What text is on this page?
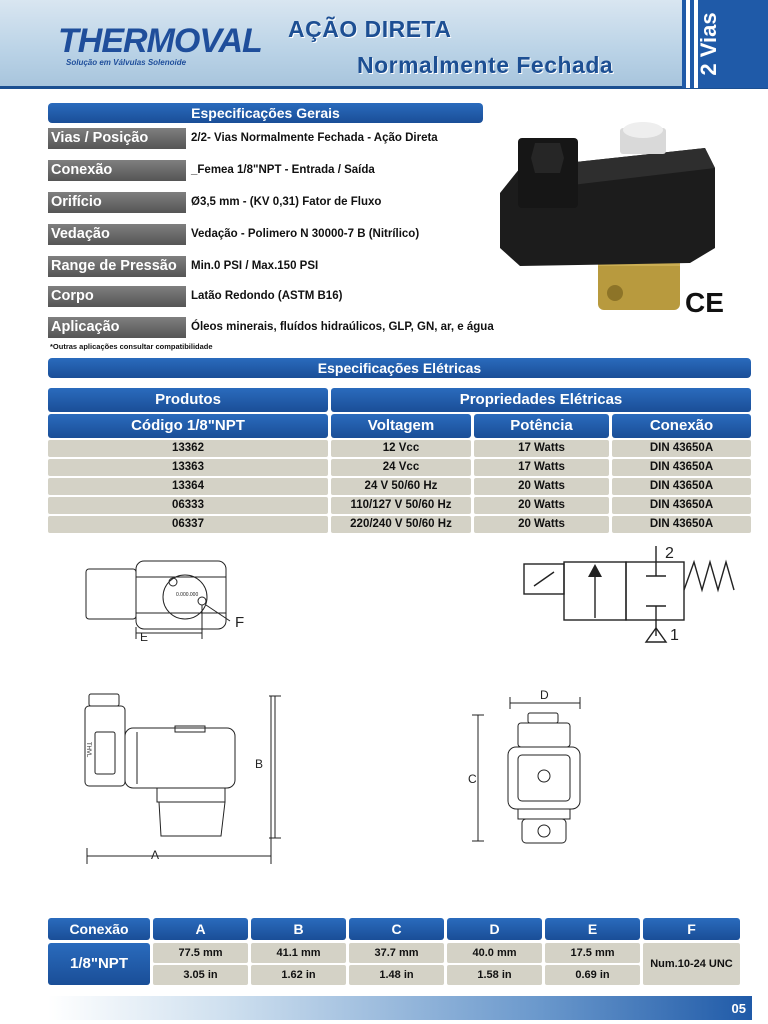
THERMOVAL
Solução em Válvulas Solenoide
AÇÃO DIRETA
Normalmente Fechada	2 Vias
Especificações Gerais
Vias / Posição	2/2- Vias Normalmente Fechada - Ação Direta
Conexão	_Femea 1/8"NPT - Entrada / Saída
Orifício	Ø3,5 mm - (KV 0,31) Fator de Fluxo
Vedação	Vedação - Polimero N 30000-7 B (Nitrílico)
Range de Pressão	Min.0 PSI / Max.150 PSI
Corpo	Latão Redondo (ASTM B16)
Aplicação	Óleos minerais, fluídos hidraúlicos, GLP, GN, ar, e água
*Outras aplicações consultar compatibilidade
CE
Especificações Elétricas
Produtos	Propriedades Elétricas
Código 1/8"NPT	Voltagem	Potência	Conexão
13362	12 Vcc	17 Watts	DIN 43650A
13363	24 Vcc	17 Watts	DIN 43650A
13364	24 V 50/60 Hz	20 Watts	DIN 43650A
06333	110/127 V 50/60 Hz	20 Watts	DIN 43650A
06337	220/240 V 50/60 Hz	20 Watts	DIN 43650A
0.000.000
E
F
2
1
THVL
B
A
D
C
Conexão	A	B	C	D	E	F
1/8"NPT
77.5 mm	41.1 mm	37.7 mm	40.0 mm	17.5 mm
3.05 in	1.62 in	1.48 in	1.58 in	0.69 in
Num.10-24 UNC
05
